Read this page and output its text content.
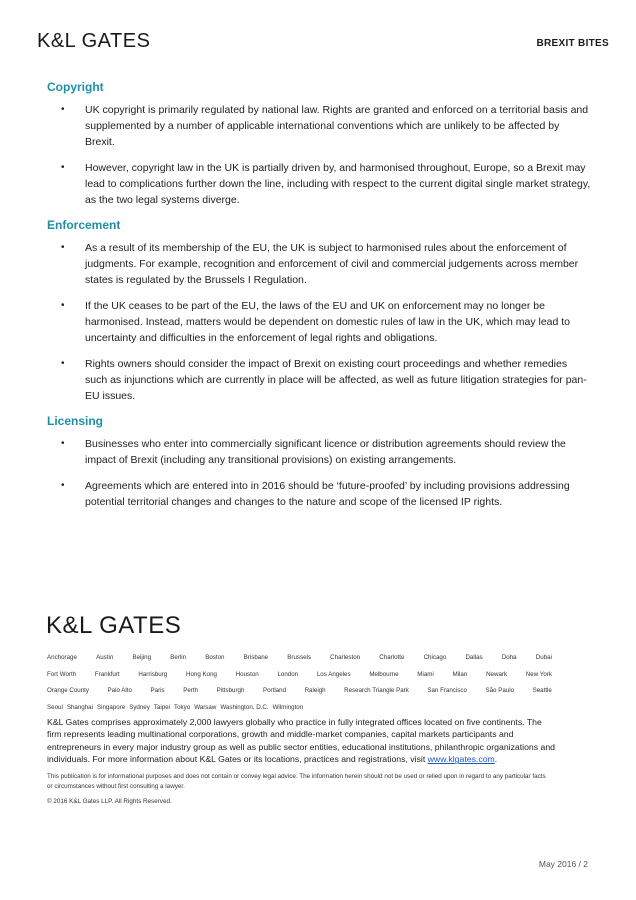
K&L GATES	BREXIT BITES
Copyright
• UK copyright is primarily regulated by national law. Rights are granted and enforced on a territorial basis and supplemented by a number of applicable international conventions which are unlikely to be affected by Brexit.
• However, copyright law in the UK is partially driven by, and harmonised throughout, Europe, so a Brexit may lead to complications further down the line, including with respect to the current digital single market strategy, as the two legal systems diverge.
Enforcement
• As a result of its membership of the EU, the UK is subject to harmonised rules about the enforcement of judgments. For example, recognition and enforcement of civil and commercial judgements across member states is regulated by the Brussels I Regulation.
• If the UK ceases to be part of the EU, the laws of the EU and UK on enforcement may no longer be harmonised. Instead, matters would be dependent on domestic rules of law in the UK, which may lead to uncertainty and difficulties in the enforcement of legal rights and obligations.
• Rights owners should consider the impact of Brexit on existing court proceedings and whether remedies such as injunctions which are currently in place will be affected, as well as future litigation strategies for pan-EU issues.
Licensing
• Businesses who enter into commercially significant licence or distribution agreements should review the impact of Brexit (including any transitional provisions) on existing arrangements.
• Agreements which are entered into in 2016 should be ‘future-proofed’ by including provisions addressing potential territorial changes and changes to the nature and scope of the licensed IP rights.
K&L GATES
Anchorage	Austin	Beijing	Berlin	Boston	Brisbane	Brussels	Charleston	Charlotte	Chicago	Dallas	Doha	Dubai
Fort Worth	Frankfurt	Harrisburg	Hong Kong	Houston	London	Los Angeles	Melbourne	Miami	Milan	Newark	New York
Orange County	Palo Alto	Paris	Perth	Pittsburgh	Portland	Raleigh	Research Triangle Park	San Francisco	São Paulo	Seattle
Seoul Shanghai Singapore Sydney Taipei Tokyo Warsaw Washington, D.C. Wilmington
K&L Gates comprises approximately 2,000 lawyers globally who practice in fully integrated offices located on five continents. The firm represents leading multinational corporations, growth and middle-market companies, capital markets participants and entrepreneurs in every major industry group as well as public sector entities, educational institutions, philanthropic organizations and individuals. For more information about K&L Gates or its locations, practices and registrations, visit www.klgates.com.
This publication is for informational purposes and does not contain or convey legal advice. The information herein should not be used or relied upon in regard to any particular facts or circumstances without first consulting a lawyer.
© 2016 K&L Gates LLP. All Rights Reserved.
May 2016 / 2
